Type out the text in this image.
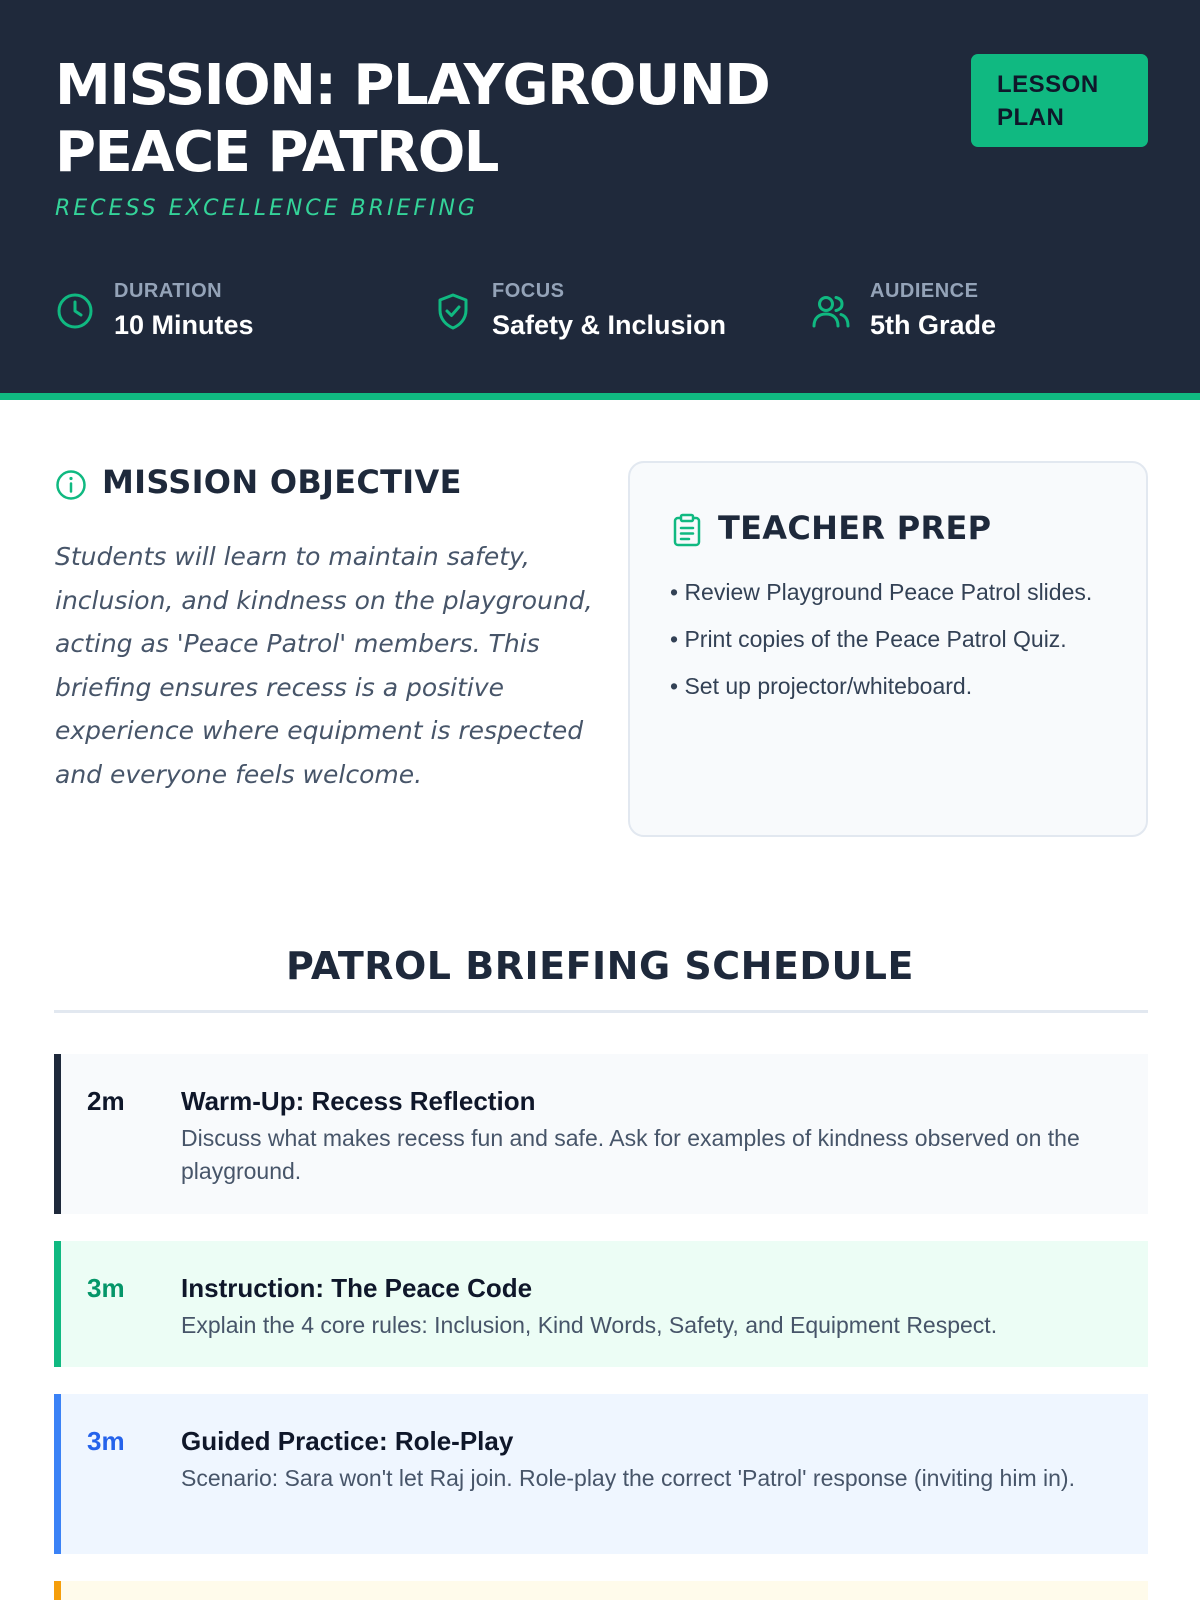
MISSION: PLAYGROUND
PEACE PATROL
RECESS EXCELLENCE BRIEFING
LESSON
PLAN
DURATION
10 Minutes
FOCUS
Safety & Inclusion
AUDIENCE
5th Grade
MISSION OBJECTIVE

Students will learn to maintain safety, inclusion, and kindness on the playground, acting as 'Peace Patrol' members. This briefing ensures recess is a positive experience where equipment is respected and everyone feels welcome.

TEACHER PREP
• Review Playground Peace Patrol slides.
• Print copies of the Peace Patrol Quiz.
• Set up projector/whiteboard.
PATROL BRIEFING SCHEDULE
2m Warm-Up: Recess Reflection
Discuss what makes recess fun and safe. Ask for examples of kindness observed on the playground.
3m Instruction: The Peace Code
Explain the 4 core rules: Inclusion, Kind Words, Safety, and Equipment Respect.
3m Guided Practice: Role-Play
Scenario: Sara won't let Raj join. Role-play the correct 'Patrol' response (inviting him in).
